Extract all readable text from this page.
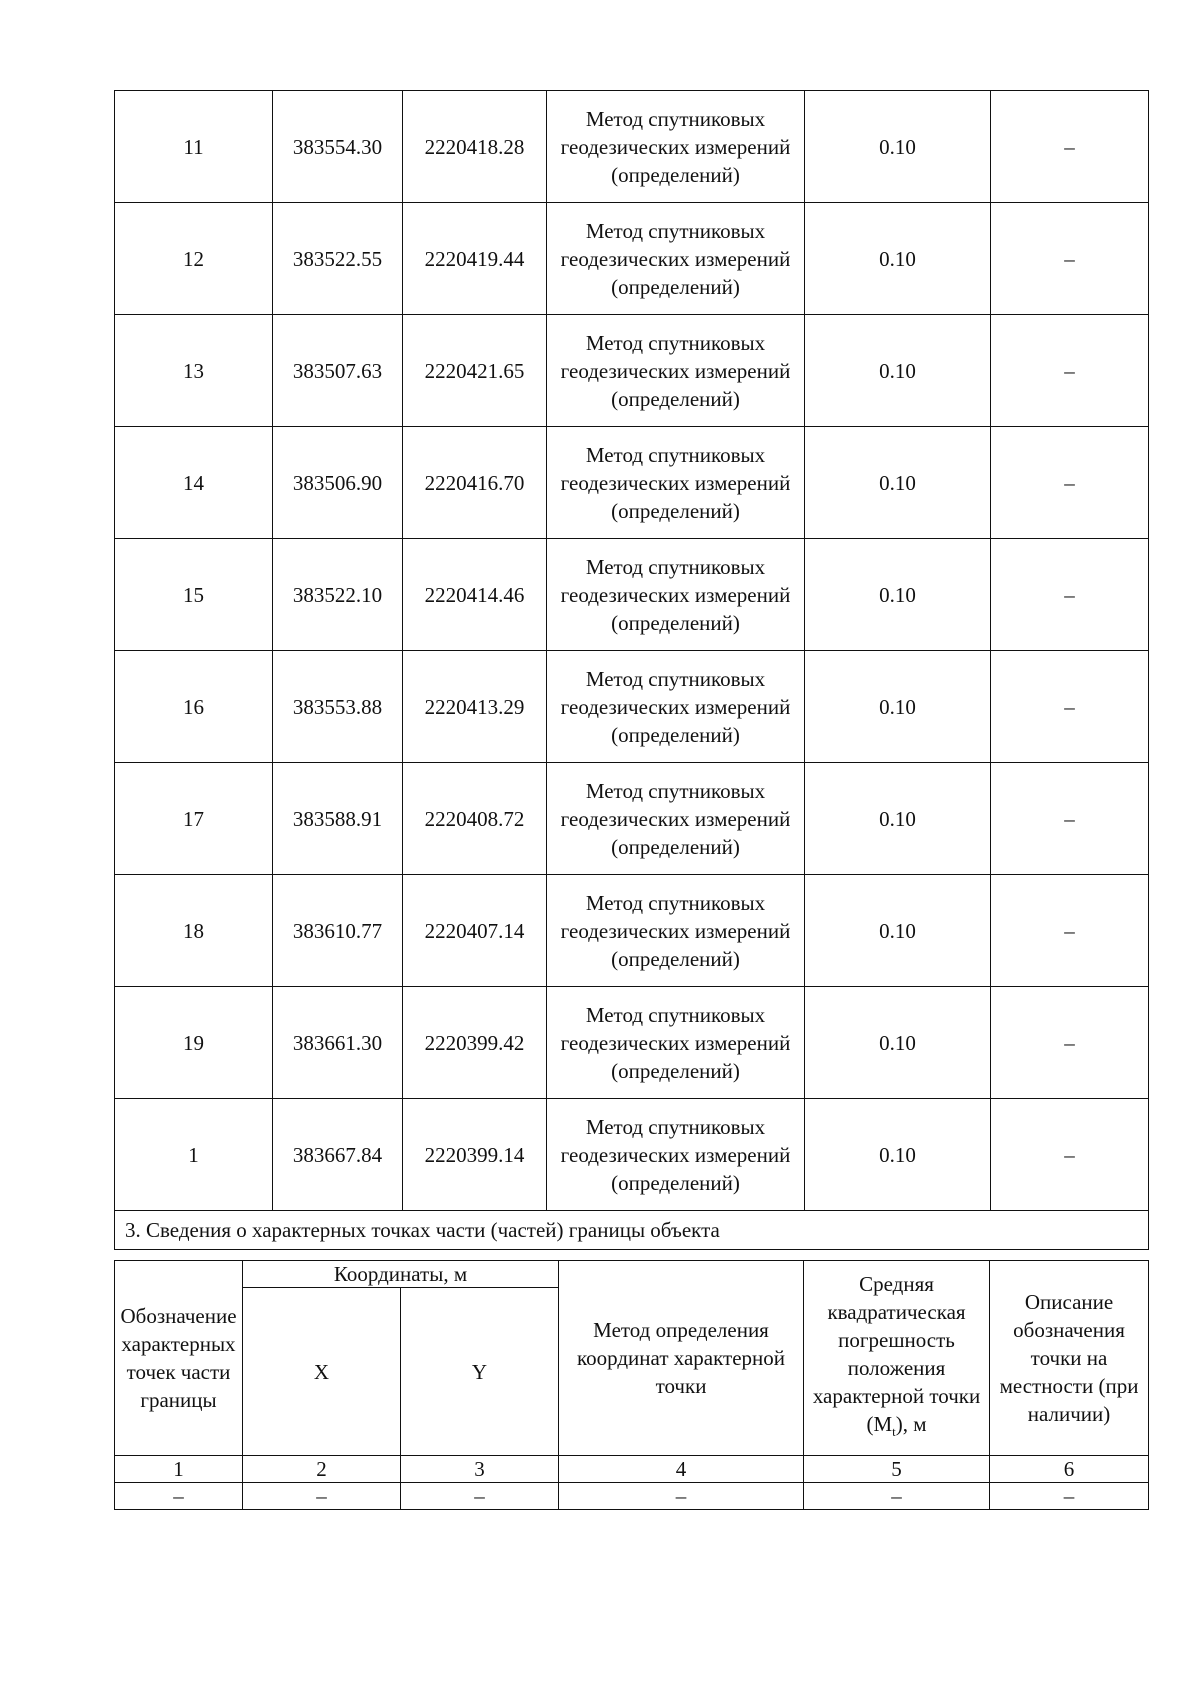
11	383554.30	2220418.28	Метод спутниковых геодезических измерений (определений)	0.10	–
12	383522.55	2220419.44	Метод спутниковых геодезических измерений (определений)	0.10	–
13	383507.63	2220421.65	Метод спутниковых геодезических измерений (определений)	0.10	–
14	383506.90	2220416.70	Метод спутниковых геодезических измерений (определений)	0.10	–
15	383522.10	2220414.46	Метод спутниковых геодезических измерений (определений)	0.10	–
16	383553.88	2220413.29	Метод спутниковых геодезических измерений (определений)	0.10	–
17	383588.91	2220408.72	Метод спутниковых геодезических измерений (определений)	0.10	–
18	383610.77	2220407.14	Метод спутниковых геодезических измерений (определений)	0.10	–
19	383661.30	2220399.42	Метод спутниковых геодезических измерений (определений)	0.10	–
1	383667.84	2220399.14	Метод спутниковых геодезических измерений (определений)	0.10	–
3. Сведения о характерных точках части (частей) границы объекта					
Обозначение характерных точек части границы	Координаты, м		Метод определения координат характерной точки	Средняя квадратическая погрешность положения характерной точки $(M_t)$, м	Описание обозначения точки на местности (при наличии)
	X	Y			
1	2	3	4	5	6
–	–	–	–	–	–
